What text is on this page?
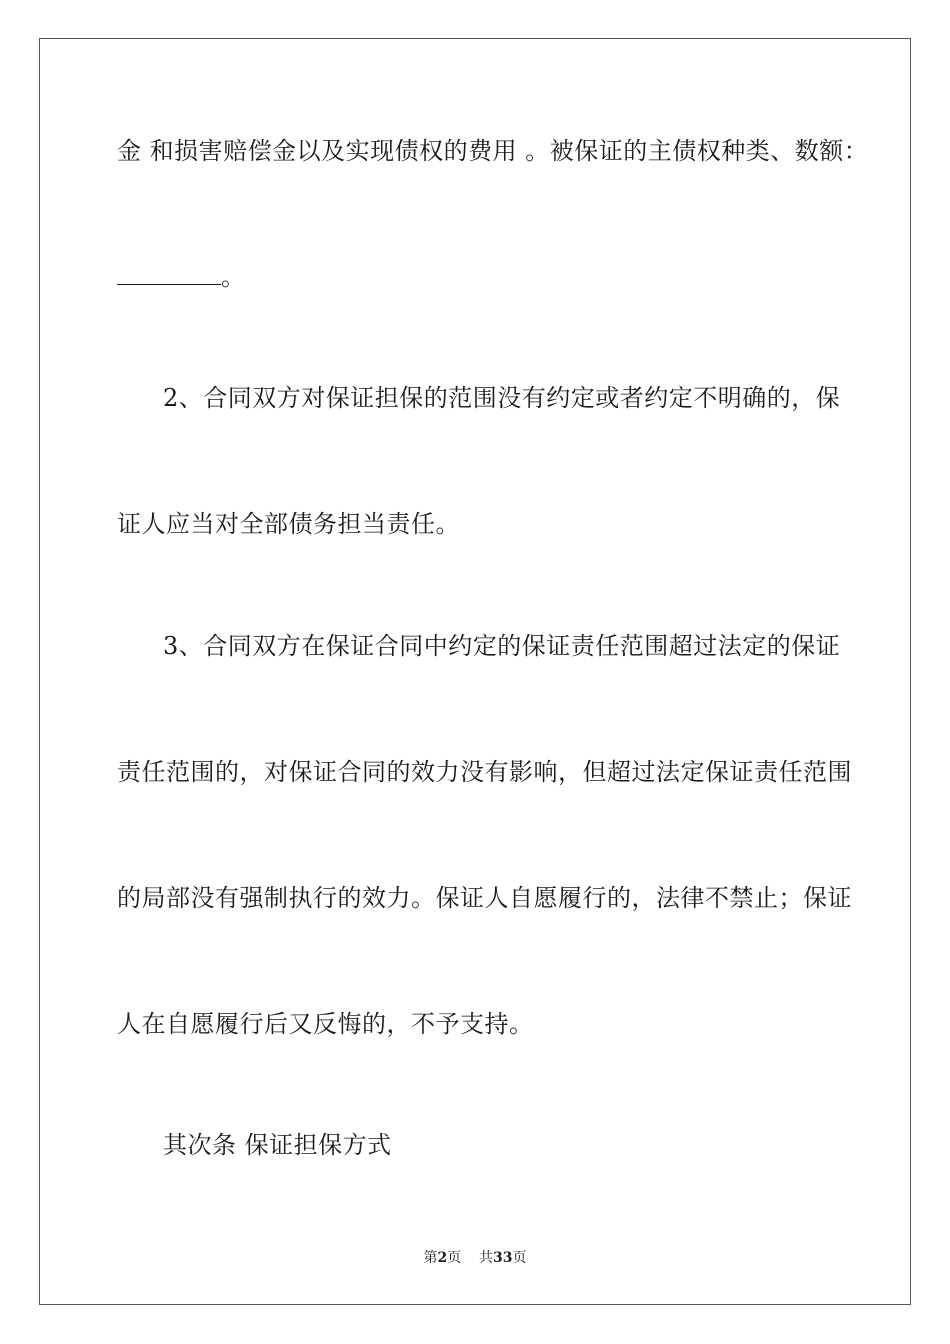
金 和损害赔偿金以及实现债权的费用 。被保证的主债权种类、数额：
。
2、合同双方对保证担保的范围没有约定或者约定不明确的，保
证人应当对全部债务担当责任。
3、合同双方在保证合同中约定的保证责任范围超过法定的保证
责任范围的，对保证合同的效力没有影响，但超过法定保证责任范围
的局部没有强制执行的效力。保证人自愿履行的，法律不禁止；保证
人在自愿履行后又反悔的，不予支持。
其次条 保证担保方式
第2页    共33页
